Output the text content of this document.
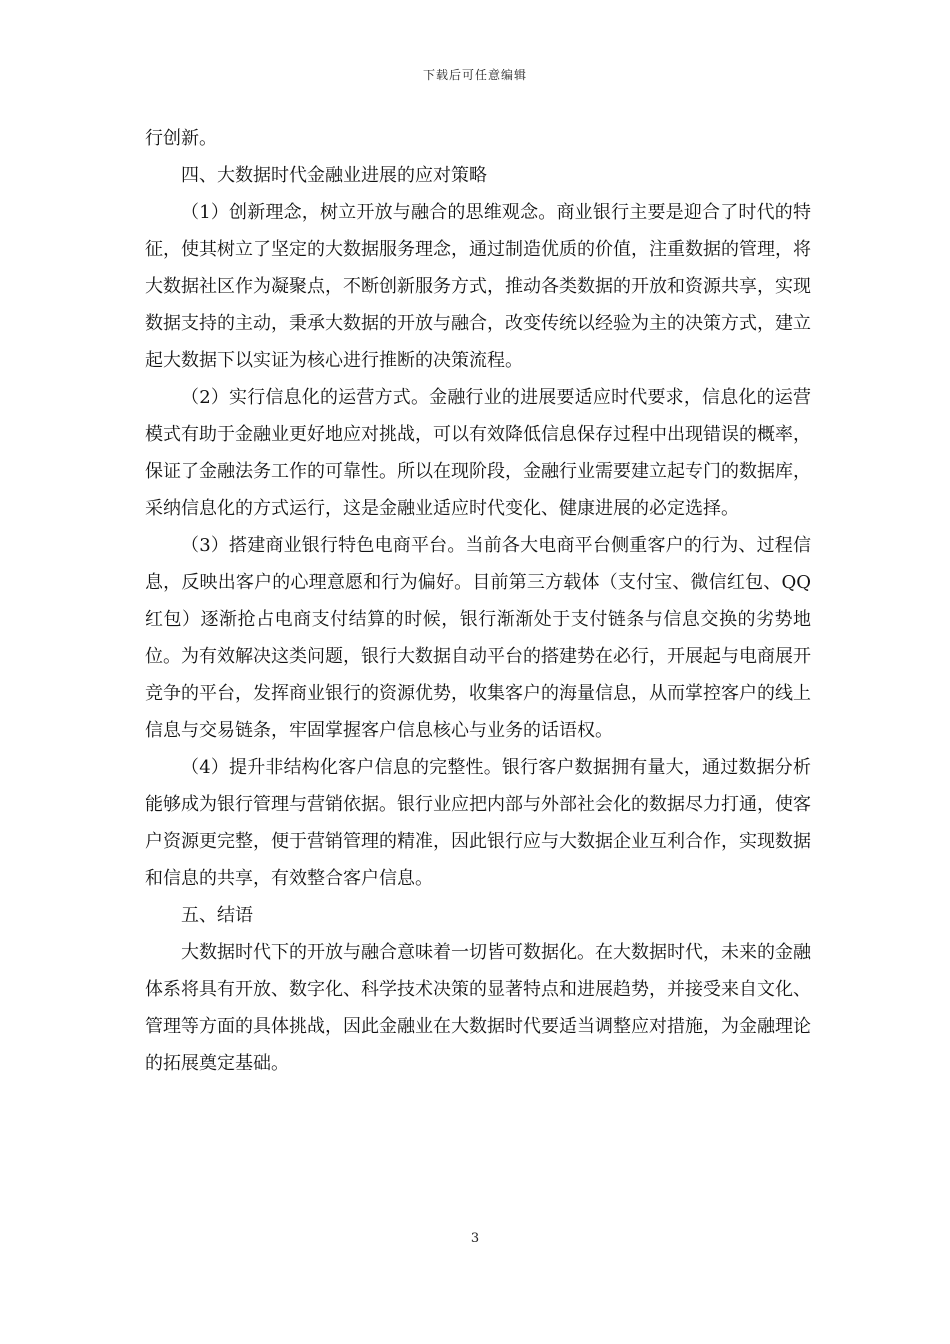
下载后可任意编辑

行创新。

四、大数据时代金融业进展的应对策略

（1）创新理念，树立开放与融合的思维观念。商业银行主要是迎合了时代的特征，使其树立了坚定的大数据服务理念，通过制造优质的价值，注重数据的管理，将大数据社区作为凝聚点，不断创新服务方式，推动各类数据的开放和资源共享，实现数据支持的主动，秉承大数据的开放与融合，改变传统以经验为主的决策方式，建立起大数据下以实证为核心进行推断的决策流程。

（2）实行信息化的运营方式。金融行业的进展要适应时代要求，信息化的运营模式有助于金融业更好地应对挑战，可以有效降低信息保存过程中出现错误的概率，保证了金融法务工作的可靠性。所以在现阶段，金融行业需要建立起专门的数据库，采纳信息化的方式运行，这是金融业适应时代变化、健康进展的必定选择。

（3）搭建商业银行特色电商平台。当前各大电商平台侧重客户的行为、过程信息，反映出客户的心理意愿和行为偏好。目前第三方载体（支付宝、微信红包、QQ红包）逐渐抢占电商支付结算的时候，银行渐渐处于支付链条与信息交换的劣势地位。为有效解决这类问题，银行大数据自动平台的搭建势在必行，开展起与电商展开竞争的平台，发挥商业银行的资源优势，收集客户的海量信息，从而掌控客户的线上信息与交易链条，牢固掌握客户信息核心与业务的话语权。

（4）提升非结构化客户信息的完整性。银行客户数据拥有量大，通过数据分析能够成为银行管理与营销依据。银行业应把内部与外部社会化的数据尽力打通，使客户资源更完整，便于营销管理的精准，因此银行应与大数据企业互利合作，实现数据和信息的共享，有效整合客户信息。

五、结语

大数据时代下的开放与融合意味着一切皆可数据化。在大数据时代，未来的金融体系将具有开放、数字化、科学技术决策的显著特点和进展趋势，并接受来自文化、管理等方面的具体挑战，因此金融业在大数据时代要适当调整应对措施，为金融理论的拓展奠定基础。

3
